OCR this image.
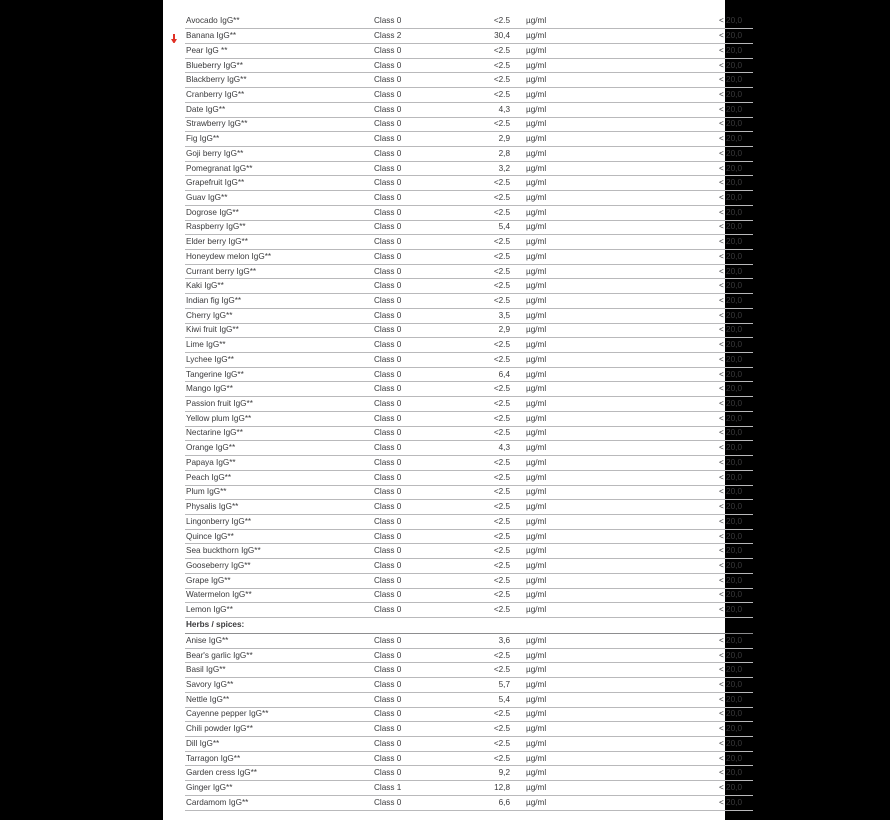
	Avocado IgG**	Class 0	<2.5	µg/ml	< 20,0

	Banana IgG**	Class 2	30,4	µg/ml	< 20,0
	Pear IgG **	Class 0	<2.5	µg/ml	< 20,0
	Blueberry IgG**	Class 0	<2.5	µg/ml	< 20,0
	Blackberry IgG**	Class 0	<2.5	µg/ml	< 20,0
	Cranberry IgG**	Class 0	<2.5	µg/ml	< 20,0
	Date IgG**	Class 0	4,3	µg/ml	< 20,0
	Strawberry IgG**	Class 0	<2.5	µg/ml	< 20,0
	Fig IgG**	Class 0	2,9	µg/ml	< 20,0
	Goji berry IgG**	Class 0	2,8	µg/ml	< 20,0
	Pomegranat IgG**	Class 0	3,2	µg/ml	< 20,0
	Grapefruit IgG**	Class 0	<2.5	µg/ml	< 20,0
	Guav IgG**	Class 0	<2.5	µg/ml	< 20,0
	Dogrose IgG**	Class 0	<2.5	µg/ml	< 20,0
	Raspberry IgG**	Class 0	5,4	µg/ml	< 20,0
	Elder berry IgG**	Class 0	<2.5	µg/ml	< 20,0
	Honeydew melon IgG**	Class 0	<2.5	µg/ml	< 20,0
	Currant berry IgG**	Class 0	<2.5	µg/ml	< 20,0
	Kaki IgG**	Class 0	<2.5	µg/ml	< 20,0
	Indian fig IgG**	Class 0	<2.5	µg/ml	< 20,0
	Cherry IgG**	Class 0	3,5	µg/ml	< 20,0
	Kiwi fruit IgG**	Class 0	2,9	µg/ml	< 20,0
	Lime IgG**	Class 0	<2.5	µg/ml	< 20,0
	Lychee IgG**	Class 0	<2.5	µg/ml	< 20,0
	Tangerine IgG**	Class 0	6,4	µg/ml	< 20,0
	Mango IgG**	Class 0	<2.5	µg/ml	< 20,0
	Passion fruit IgG**	Class 0	<2.5	µg/ml	< 20,0
	Yellow plum IgG**	Class 0	<2.5	µg/ml	< 20,0
	Nectarine IgG**	Class 0	<2.5	µg/ml	< 20,0
	Orange IgG**	Class 0	4,3	µg/ml	< 20,0
	Papaya IgG**	Class 0	<2.5	µg/ml	< 20,0
	Peach IgG**	Class 0	<2.5	µg/ml	< 20,0
	Plum IgG**	Class 0	<2.5	µg/ml	< 20,0
	Physalis IgG**	Class 0	<2.5	µg/ml	< 20,0
	Lingonberry IgG**	Class 0	<2.5	µg/ml	< 20,0
	Quince IgG**	Class 0	<2.5	µg/ml	< 20,0
	Sea buckthorn IgG**	Class 0	<2.5	µg/ml	< 20,0
	Gooseberry IgG**	Class 0	<2.5	µg/ml	< 20,0
	Grape IgG**	Class 0	<2.5	µg/ml	< 20,0
	Watermelon IgG**	Class 0	<2.5	µg/ml	< 20,0
	Lemon IgG**	Class 0	<2.5	µg/ml	< 20,0
	Herbs / spices:				
	Anise IgG**	Class 0	3,6	µg/ml	< 20,0
	Bear's garlic IgG**	Class 0	<2.5	µg/ml	< 20,0
	Basil IgG**	Class 0	<2.5	µg/ml	< 20,0
	Savory IgG**	Class 0	5,7	µg/ml	< 20,0
	Nettle IgG**	Class 0	5,4	µg/ml	< 20,0
	Cayenne pepper IgG**	Class 0	<2.5	µg/ml	< 20,0
	Chili powder IgG**	Class 0	<2.5	µg/ml	< 20,0
	Dill IgG**	Class 0	<2.5	µg/ml	< 20,0
	Tarragon IgG**	Class 0	<2.5	µg/ml	< 20,0
	Garden cress IgG**	Class 0	9,2	µg/ml	< 20,0
	Ginger IgG**	Class 1	12,8	µg/ml	< 20,0
	Cardamom IgG**	Class 0	6,6	µg/ml	< 20,0
